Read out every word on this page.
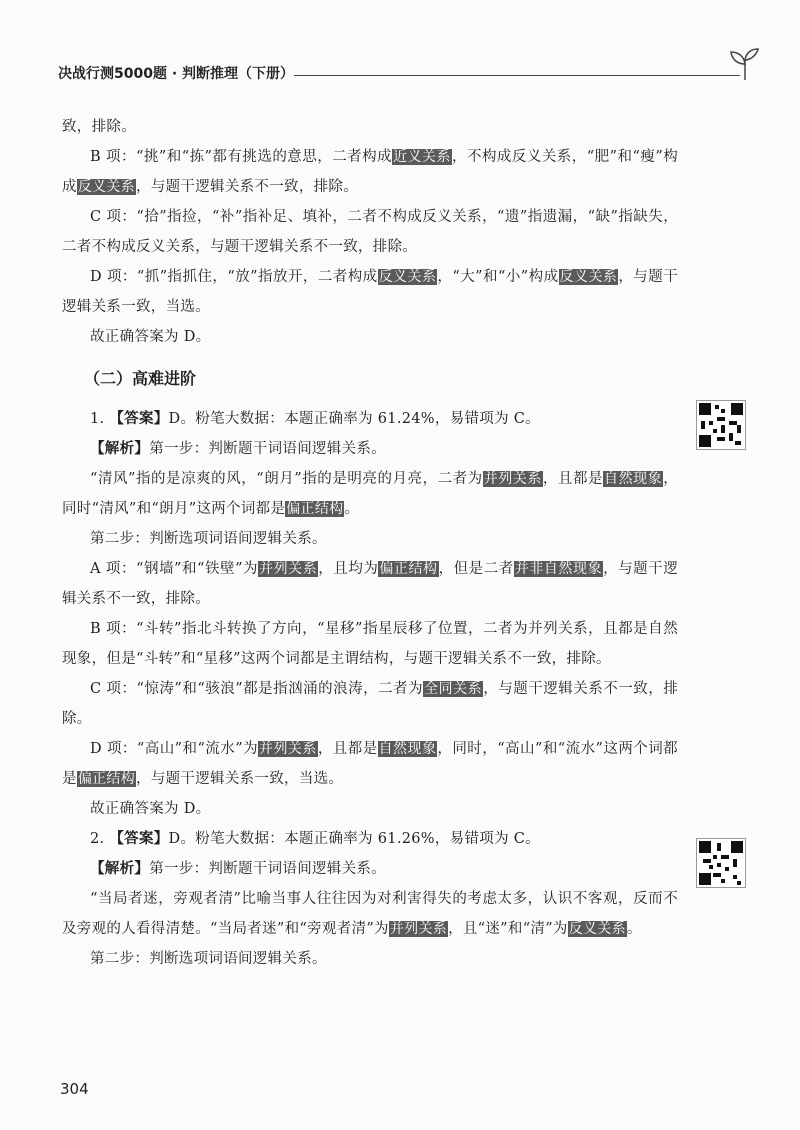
决战行测5000题 · 判断推理（下册）

致，排除。

B 项：“挑”和“拣”都有挑选的意思，二者构成近义关系，不构成反义关系，“肥”和“瘦”构成反义关系，与题干逻辑关系不一致，排除。

C 项：“拾”指捡，“补”指补足、填补，二者不构成反义关系，“遗”指遗漏，“缺”指缺失，二者不构成反义关系，与题干逻辑关系不一致，排除。

D 项：“抓”指抓住，“放”指放开，二者构成反义关系，“大”和“小”构成反义关系，与题干逻辑关系一致，当选。

故正确答案为 D。

（二）高难进阶

1. 【答案】D。粉笔大数据：本题正确率为 61.24%，易错项为 C。

【解析】第一步：判断题干词语间逻辑关系。

“清风”指的是凉爽的风，“朗月”指的是明亮的月亮，二者为并列关系，且都是自然现象，同时“清风”和“朗月”这两个词都是偏正结构。

第二步：判断选项词语间逻辑关系。

A 项：“钢墙”和“铁壁”为并列关系，且均为偏正结构，但是二者并非自然现象，与题干逻辑关系不一致，排除。

B 项：“斗转”指北斗转换了方向，“星移”指星辰移了位置，二者为并列关系，且都是自然现象，但是“斗转”和“星移”这两个词都是主谓结构，与题干逻辑关系不一致，排除。

C 项：“惊涛”和“骇浪”都是指汹涌的浪涛，二者为全同关系，与题干逻辑关系不一致，排除。

D 项：“高山”和“流水”为并列关系，且都是自然现象，同时，“高山”和“流水”这两个词都是偏正结构，与题干逻辑关系一致，当选。

故正确答案为 D。

2. 【答案】D。粉笔大数据：本题正确率为 61.26%，易错项为 C。

【解析】第一步：判断题干词语间逻辑关系。

“当局者迷，旁观者清”比喻当事人往往因为对利害得失的考虑太多，认识不客观，反而不及旁观的人看得清楚。“当局者迷”和“旁观者清”为并列关系，且“迷”和“清”为反义关系。

第二步：判断选项词语间逻辑关系。

304
